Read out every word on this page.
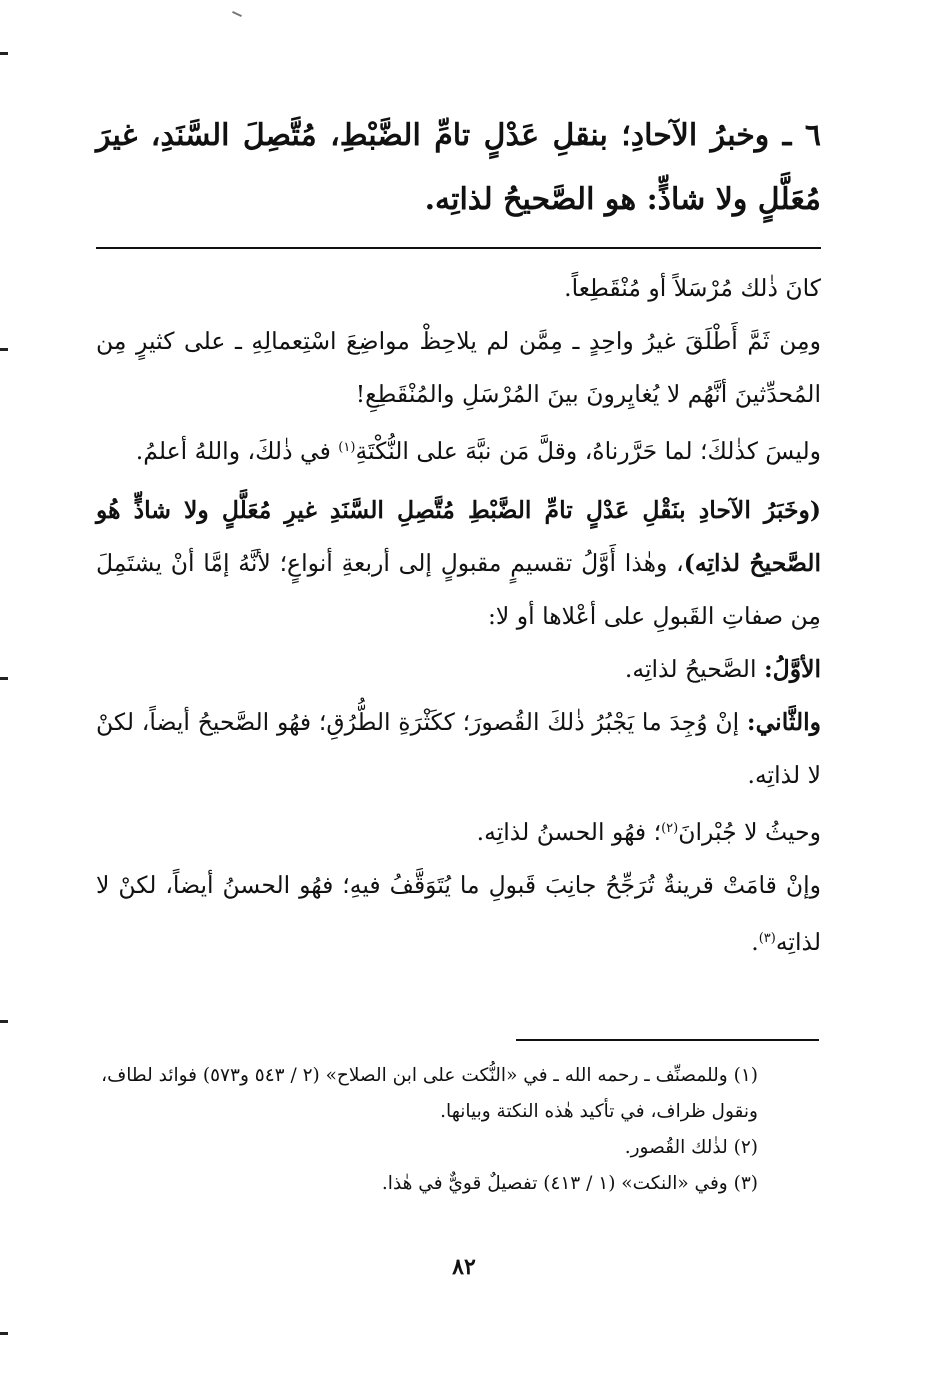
٦ ـ وخبرُ الآحادِ؛ بنقلِ عَدْلٍ تامِّ الضَّبْطِ، مُتَّصِلَ السَّنَدِ، غيرَ مُعَلَّلٍ ولا شاذٍّ: هو الصَّحيحُ لذاتِه.

كانَ ذٰلك مُرْسَلاً أو مُنْقَطِعاً.

ومِن ثَمَّ أَطْلَقَ غيرُ واحِدٍ ـ مِمَّن لم يلاحِظْ مواضِعَ اسْتِعمالِهِ ـ على كثيرٍ مِن المُحدِّثينَ أنَّهُم لا يُغايِرونَ بينَ المُرْسَلِ والمُنْقَطِعِ!

وليسَ كذٰلكَ؛ لما حَرَّرناهُ، وقلَّ مَن نبَّهَ على النُّكْتَةِ$^{(١)}$ في ذٰلكَ، واللهُ أعلمُ.

(وخَبَرُ الآحادِ بنَقْلِ عَدْلٍ تامِّ الضَّبْطِ مُتَّصِلِ السَّنَدِ غيرِ مُعَلَّلٍ ولا شاذٍّ هُو الصَّحيحُ لذاتِه)، وهٰذا أَوَّلُ تقسيمٍ مقبولٍ إلى أربعةِ أنواعٍ؛ لأنَّهُ إمَّا أنْ يشتَمِلَ مِن صفاتِ القَبولِ على أعْلاها أو لا:

الأوَّلُ: الصَّحيحُ لذاتِه.

والثَّاني: إنْ وُجِدَ ما يَجْبُرُ ذٰلكَ القُصورَ؛ ككَثْرَةِ الطُّرُقِ؛ فهُو الصَّحيحُ أيضاً، لكنْ لا لذاتِه.

وحيثُ لا جُبْرانَ$^{(٢)}$؛ فهُو الحسنُ لذاتِه.

وإنْ قامَتْ قرينةٌ تُرَجِّحُ جانِبَ قَبولِ ما يُتَوَقَّفُ فيهِ؛ فهُو الحسنُ أيضاً، لكنْ لا لذاتِه$^{(٣)}$.

(١) وللمصنِّف ـ رحمه الله ـ في «النُّكت على ابن الصلاح» (٢ / ٥٤٣ و٥٧٣) فوائد لطاف، ونقول ظراف، في تأكيد هٰذه النكتة وبيانها.

(٢) لذٰلك القُصور.

(٣) وفي «النكت» (١ / ٤١٣) تفصيلٌ قويٌّ في هٰذا.

٨٢
